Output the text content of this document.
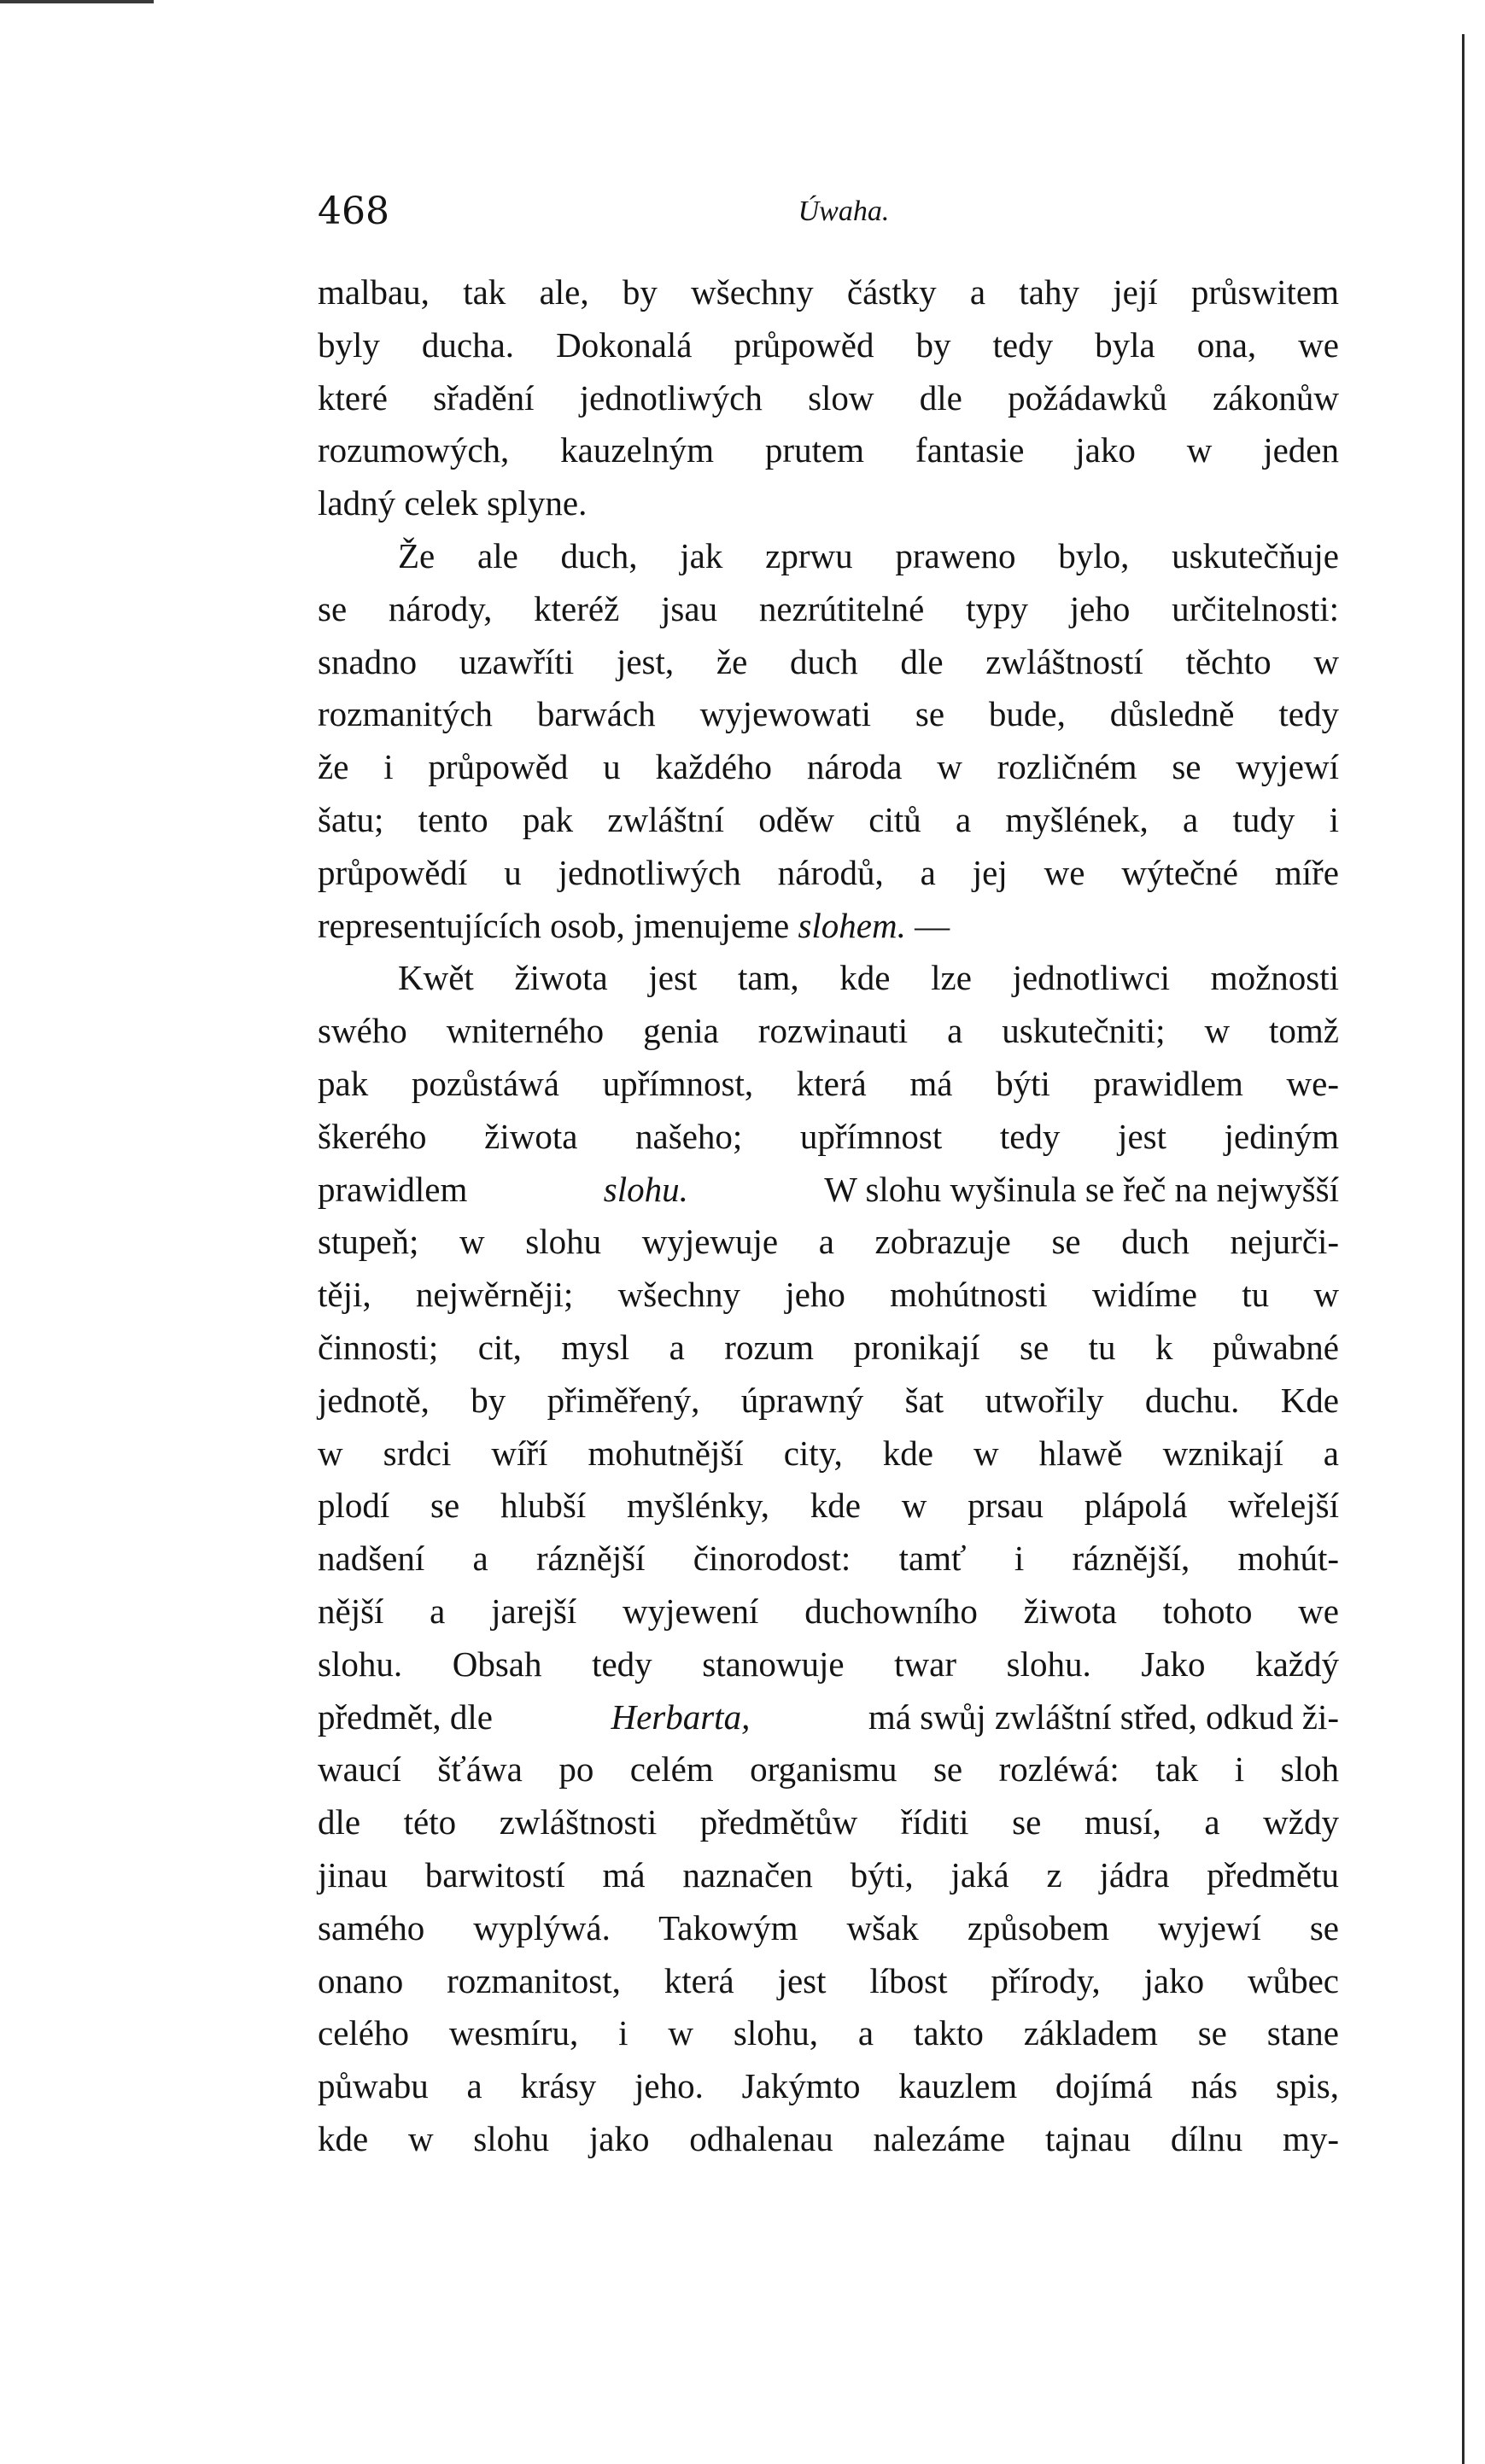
468	Úwaha.
malbau, tak ale, by wšechny částky a tahy její průswitem
byly ducha. Dokonalá průpowěd by tedy byla ona, we
které sřadění jednotliwých slow dle požádawků zákonůw
rozumowých, kauzelným prutem fantasie jako w jeden
ladný celek splyne.
Že ale duch, jak zprwu praweno bylo, uskutečňuje
se národy, kteréž jsau nezrútitelné typy jeho určitelnosti:
snadno uzawříti jest, že duch dle zwláštností těchto w
rozmanitých barwách wyjewowati se bude, důsledně tedy
že i průpowěd u každého národa w rozličném se wyjewí
šatu; tento pak zwláštní oděw citů a myšlének, a tudy i
průpowědí u jednotliwých národů, a jej we wýtečné míře
representujících osob, jmenujeme slohem. —
Kwět žiwota jest tam, kde lze jednotliwci možnosti
swého wniterného genia rozwinauti a uskutečniti; w tomž
pak pozůstáwá upřímnost, která má býti prawidlem we-
škerého žiwota našeho; upřímnost tedy jest jediným
prawidlem	slohu.	W slohu wyšinula se řeč na nejwyšší
stupeň; w slohu wyjewuje a zobrazuje se duch nejurči-
těji, nejwěrněji; wšechny jeho mohútnosti widíme tu w
činnosti; cit, mysl a rozum pronikají se tu k půwabné
jednotě, by přiměřený, úprawný šat utwořily duchu. Kde
w srdci wíří mohutnější city, kde w hlawě wznikají a
plodí se hlubší myšlénky, kde w prsau plápolá wřelejší
nadšení a ráznější činorodost: tamť i ráznější, mohút-
nější a jarejší wyjewení duchowního žiwota tohoto we
slohu. Obsah tedy stanowuje twar slohu. Jako každý
předmět, dle	Herbarta,	má swůj zwláštní střed, odkud ži-
waucí šťáwa po celém organismu se rozléwá: tak i sloh
dle této zwláštnosti předmětůw říditi se musí, a wždy
jinau barwitostí má naznačen býti, jaká z jádra předmětu
samého wyplýwá. Takowým wšak způsobem wyjewí se
onano rozmanitost, která jest líbost přírody, jako wůbec
celého wesmíru, i w slohu, a takto základem se stane
půwabu a krásy jeho. Jakýmto kauzlem dojímá nás spis,
kde w slohu jako odhalenau nalezáme tajnau dílnu my-
